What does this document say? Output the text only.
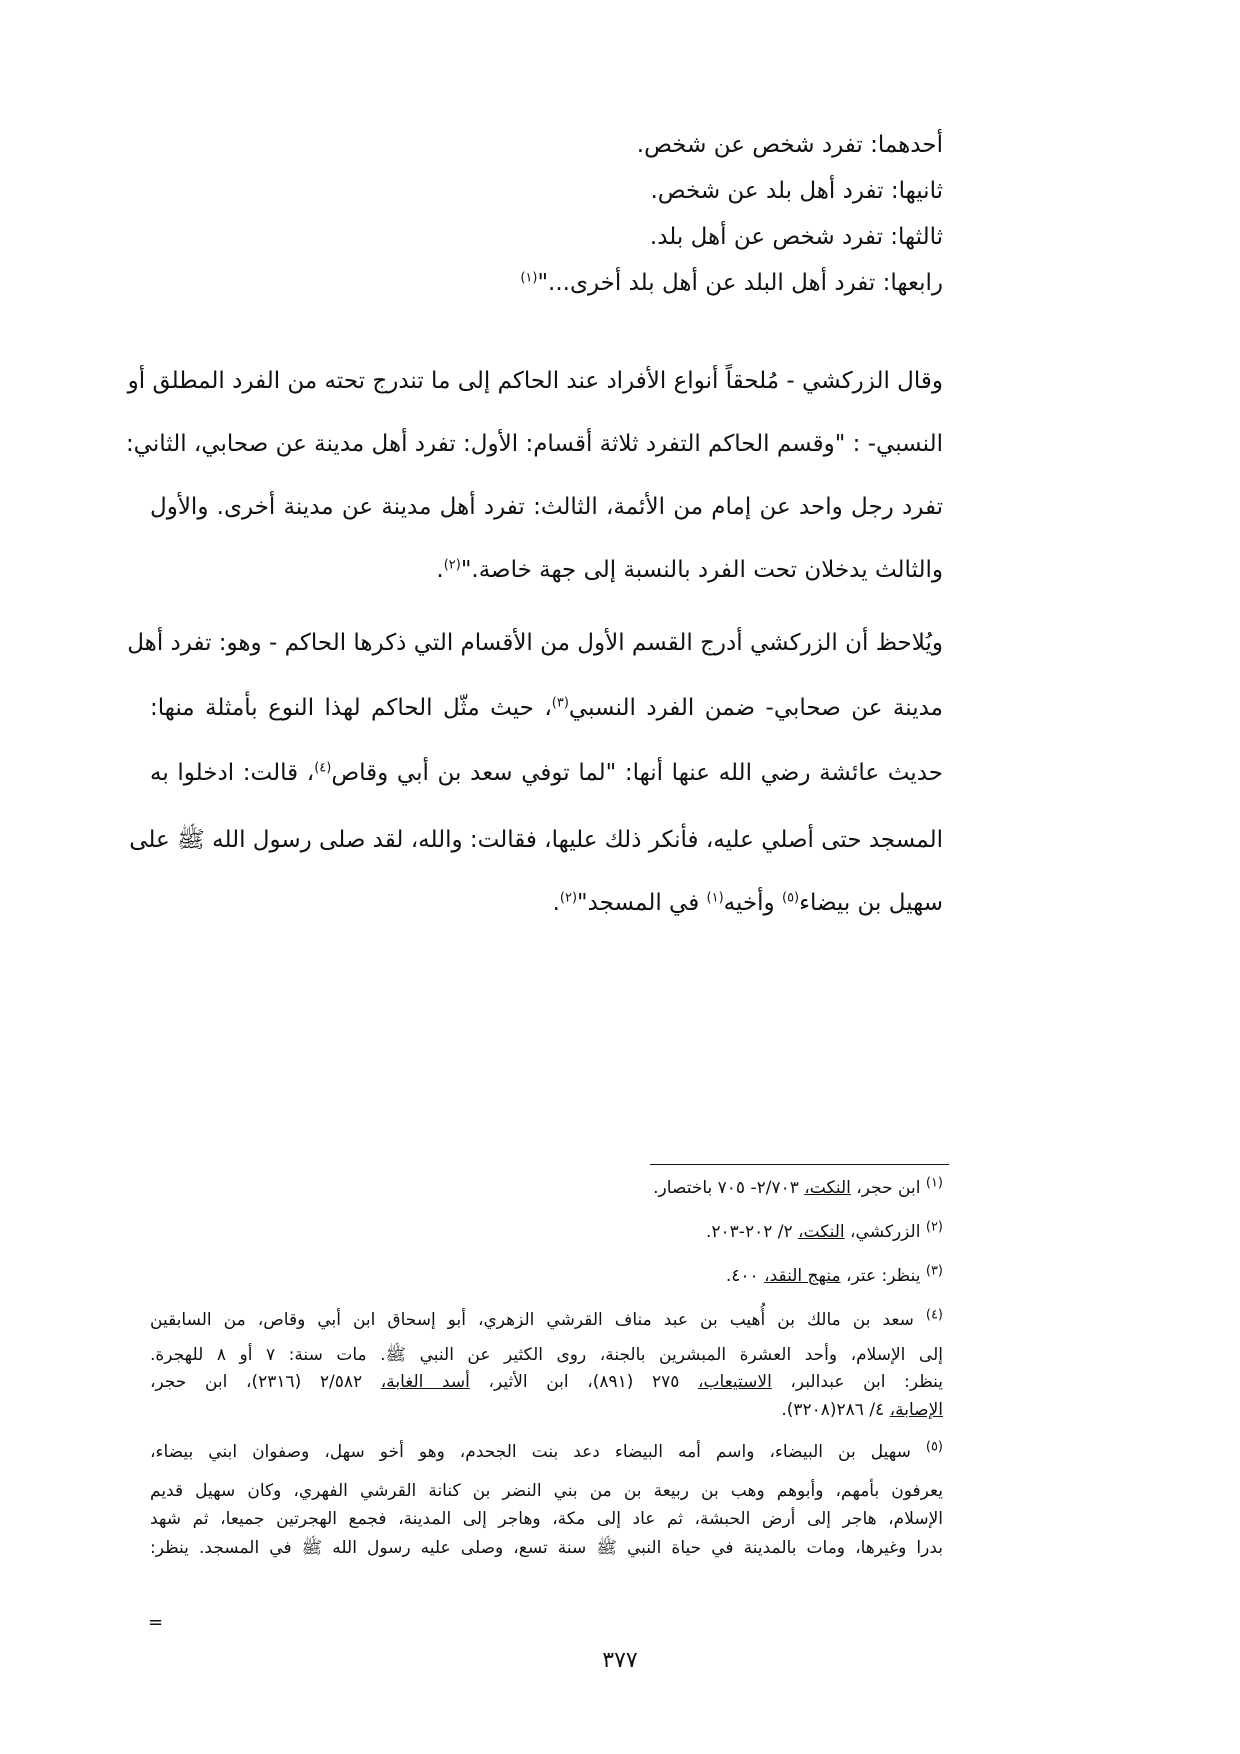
أحدهما: تفرد شخص عن شخص.
ثانيها: تفرد أهل بلد عن شخص.
ثالثها: تفرد شخص عن أهل بلد.
رابعها: تفرد أهل البلد عن أهل بلد أخرى..."$^{(١)}$
وقال الزركشي - مُلحقاً أنواع الأفراد عند الحاكم إلى ما تندرج تحته من الفرد المطلق أو
النسبي- : "وقسم الحاكم التفرد ثلاثة أقسام: الأول: تفرد أهل مدينة عن صحابي، الثاني:
تفرد رجل واحد عن إمام من الأئمة، الثالث: تفرد أهل مدينة عن مدينة أخرى. والأول
والثالث يدخلان تحت الفرد بالنسبة إلى جهة خاصة."$^{(٢)}$.
ويُلاحظ أن الزركشي أدرج القسم الأول من الأقسام التي ذكرها الحاكم - وهو: تفرد أهل
مدينة عن صحابي- ضمن الفرد النسبي$^{(٣)}$، حيث مثّل الحاكم لهذا النوع بأمثلة منها:
حديث عائشة رضي الله عنها أنها: "لما توفي سعد بن أبي وقاص$^{(٤)}$، قالت: ادخلوا به
المسجد حتى أصلي عليه، فأنكر ذلك عليها، فقالت: والله، لقد صلى رسول الله ﷺ على
سهيل بن بيضاء$^{(٥)}$ وأخيه$^{(١)}$ في المسجد"$^{(٢)}$.
$^{(١)}$ ابن حجر، النكت، ٢/٧٠٣- ٧٠٥ باختصار.
$^{(٢)}$ الزركشي، النكت، ٢/ ٢٠٢-٢٠٣.
$^{(٣)}$ ينظر: عتر، منهج النقد، ٤٠٠.
$^{(٤)}$ سعد بن مالك بن أُهيب بن عبد مناف القرشي الزهري، أبو إسحاق ابن أبي وقاص، من السابقين
إلى الإسلام، وأحد العشرة المبشرين بالجنة، روى الكثير عن النبي ﷺ. مات سنة: ٧ أو ٨ للهجرة.
ينظر: ابن عبدالبر، الاستيعاب، ٢٧٥ (٨٩١)، ابن الأثير، أسد الغابة، ٢/٥٨٢ (٢٣١٦)، ابن حجر،
الإصابة، ٤/ ٢٨٦(٣٢٠٨).
$^{(٥)}$ سهيل بن البيضاء، واسم أمه البيضاء دعد بنت الجحدم، وهو أخو سهل، وصفوان ابني بيضاء،
يعرفون بأمهم، وأبوهم وهب بن ربيعة بن من بني النضر بن كنانة القرشي الفهري، وكان سهيل قديم
الإسلام، هاجر إلى أرض الحبشة، ثم عاد إلى مكة، وهاجر إلى المدينة، فجمع الهجرتين جميعا، ثم شهد
بدرا وغيرها، ومات بالمدينة في حياة النبي ﷺ سنة تسع، وصلى عليه رسول الله ﷺ في المسجد. ينظر:
=
٣٧٧
